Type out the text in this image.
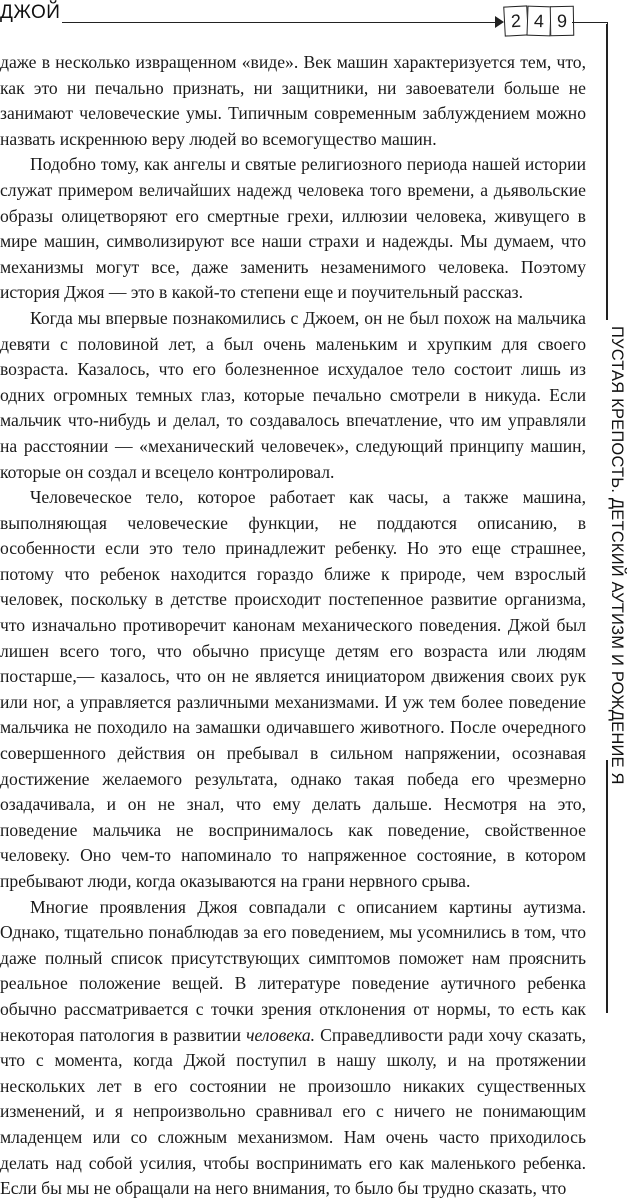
ДЖОЙ	2 4 9

даже в несколько извращенном «виде». Век машин характеризуется тем, что, как это ни печально признать, ни защитники, ни завоеватели больше не занимают человеческие умы. Типичным современным заблуждением можно назвать искреннюю веру людей во всемогущество машин.

Подобно тому, как ангелы и святые религиозного периода нашей истории служат примером величайших надежд человека того времени, а дьявольские образы олицетворяют его смертные грехи, иллюзии человека, живущего в мире машин, символизируют все наши страхи и надежды. Мы думаем, что механизмы могут все, даже заменить незаменимого человека. Поэтому история Джоя — это в какой-то степени еще и поучительный рассказ.

Когда мы впервые познакомились с Джоем, он не был похож на мальчика девяти с половиной лет, а был очень маленьким и хрупким для своего возраста. Казалось, что его болезненное исхудалое тело состоит лишь из одних огромных темных глаз, которые печально смотрели в никуда. Если мальчик что-нибудь и делал, то создавалось впечатление, что им управляли на расстоянии — «механический человечек», следующий принципу машин, которые он создал и всецело контролировал.

Человеческое тело, которое работает как часы, а также машина, выполняющая человеческие функции, не поддаются описанию, в особенности если это тело принадлежит ребенку. Но это еще страшнее, потому что ребенок находится гораздо ближе к природе, чем взрослый человек, поскольку в детстве происходит постепенное развитие организма, что изначально противоречит канонам механического поведения. Джой был лишен всего того, что обычно присуще детям его возраста или людям постарше,— казалось, что он не является инициатором движения своих рук или ног, а управляется различными механизмами. И уж тем более поведение мальчика не походило на замашки одичавшего животного. После очередного совершенного действия он пребывал в сильном напряжении, осознавая достижение желаемого результата, однако такая победа его чрезмерно озадачивала, и он не знал, что ему делать дальше. Несмотря на это, поведение мальчика не воспринималось как поведение, свойственное человеку. Оно чем-то напоминало то напряженное состояние, в котором пребывают люди, когда оказываются на грани нервного срыва.

Многие проявления Джоя совпадали с описанием картины аутизма. Однако, тщательно понаблюдав за его поведением, мы усомнились в том, что даже полный список присутствующих симптомов поможет нам прояснить реальное положение вещей. В литературе поведение аутичного ребенка обычно рассматривается с точки зрения отклонения от нормы, то есть как некоторая патология в развитии человека. Справедливости ради хочу сказать, что с момента, когда Джой поступил в нашу школу, и на протяжении нескольких лет в его состоянии не произошло никаких существенных изменений, и я непроизвольно сравнивал его с ничего не понимающим младенцем или со сложным механизмом. Нам очень часто приходилось делать над собой усилия, чтобы воспринимать его как маленького ребенка. Если бы мы не обращали на него внимания, то было бы трудно сказать, что

ПУСТАЯ КРЕПОСТЬ. ДЕТСКИЙ АУТИЗМ И РОЖДЕНИЕ Я
